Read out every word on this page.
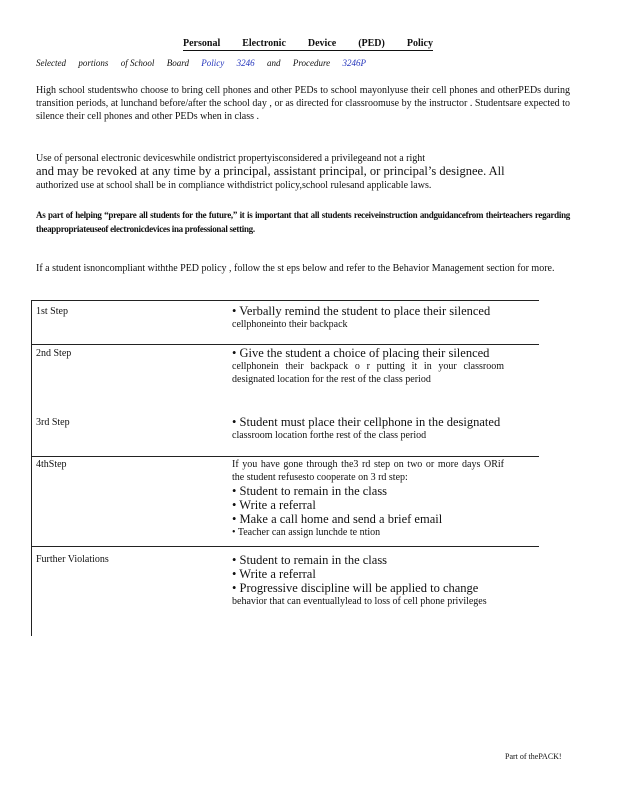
Personal Electronic Device (PED) Policy
Selected portions of School Board Policy 3246 and Procedure 3246P
High school studentswho choose to bring cell phones and other PEDs to school mayonlyuse their cell phones and otherPEDs during transition periods, at lunchand before/after the school day , or as directed for classroomuse by the instructor . Studentsare expected to silence their cell phones and other PEDs when in class .
Use of personal electronic deviceswhile ondistrict propertyisconsidered a privilegeand not a right
and may be revoked at any time by a principal, assistant principal, or principal’s designee. All
authorized use at school shall be in compliance withdistrict policy,school rulesand applicable laws.
As part of helping “prepare all students for the future,” it is important that all students receiveinstruction andguidancefrom theirteachers regarding theappropriateuseof electronicdevices ina professional setting.
If a student isnoncompliant withthe PED policy , follow the st eps below and refer to the Behavior Management section for more.
1st Step	• Verbally remind the student to place their silenced
cellphoneinto their backpack
2nd Step	• Give the student a choice of placing their silenced
cellphonein their backpack o r putting it in your classroom designated location for the rest of the class period
3rd Step	• Student must place their cellphone in the designated
classroom location forthe rest of the class period
4thStep	If you have gone through the3 rd step on two or more days ORif the student refusesto cooperate on 3 rd step:
• Student to remain in the class
• Write a referral
• Make a call home and send a brief email
• Teacher can assign lunchde te ntion
Further Violations	• Student to remain in the class
• Write a referral
• Progressive discipline will be applied to change
behavior that can eventuallylead to loss of cell phone privileges
Part of thePACK!
